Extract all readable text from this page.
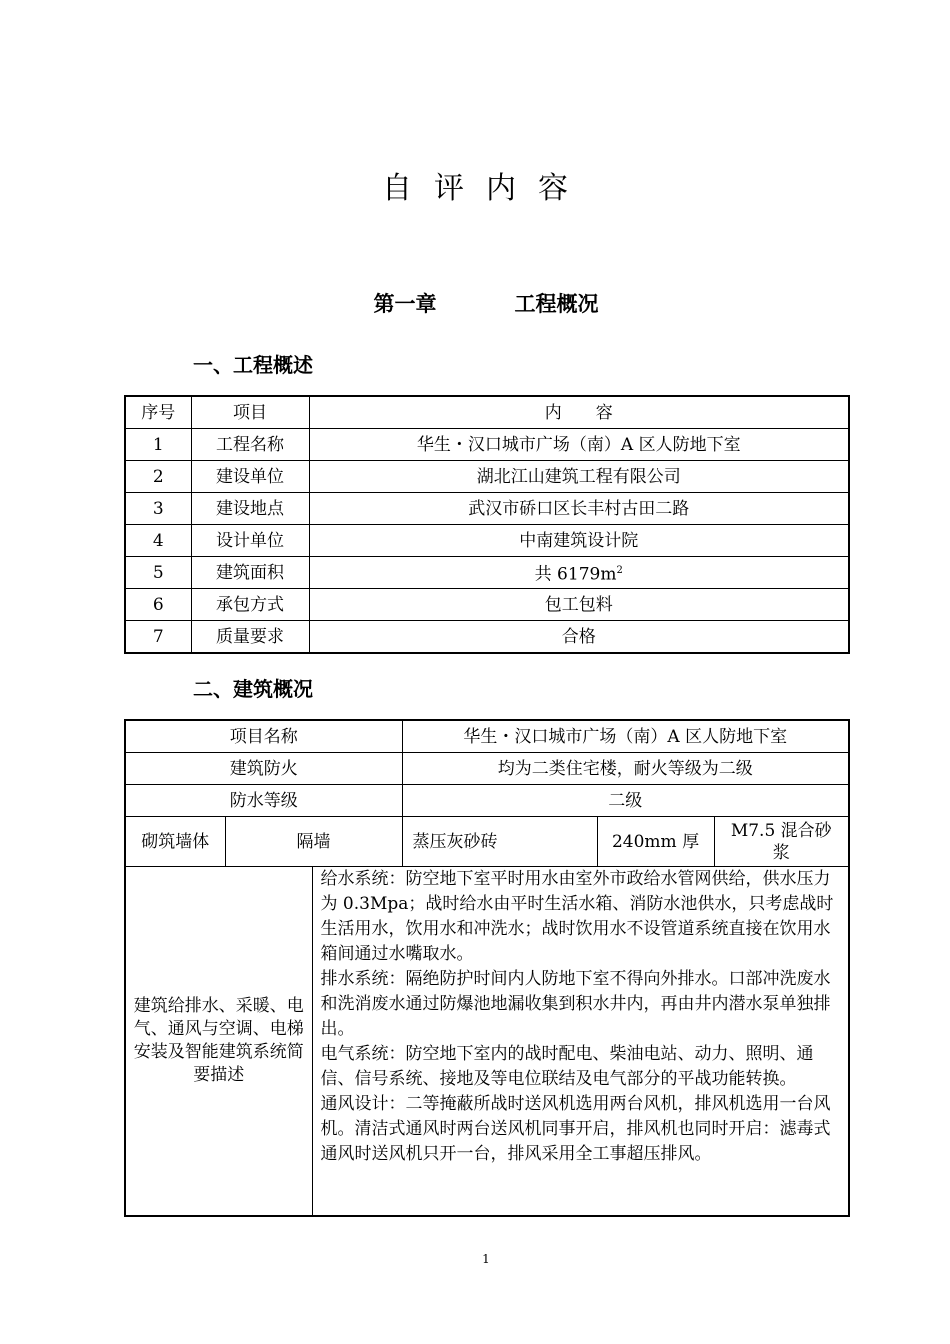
自评内容
第一章	工程概况
一、工程概述
序号	项目	内　　容
1	工程名称	华生・汉口城市广场（南）A 区人防地下室
2	建设单位	湖北江山建筑工程有限公司
3	建设地点	武汉市硚口区长丰村古田二路
4	设计单位	中南建筑设计院
5	建筑面积	共 $6179m^2$
6	承包方式	包工包料
7	质量要求	合格
二、建筑概况
项目名称			华生・汉口城市广场（南）A 区人防地下室		
建筑防火			均为二类住宅楼，耐火等级为二级		
防水等级			二级		
砌筑墙体	隔墙		蒸压灰砂砖	240mm 厚	M7.5 混合砂浆
建筑给排水、采暖、电气、通风与空调、电梯安装及智能建筑系统简要描述		给水系统：防空地下室平时用水由室外市政给水管网供给，供水压力为 0.3Mpa；战时给水由平时生活水箱、消防水池供水，只考虑战时生活用水，饮用水和冲洗水；战时饮用水不设管道系统直接在饮用水箱间通过水嘴取水。

排水系统：隔绝防护时间内人防地下室不得向外排水。口部冲洗废水和洗消废水通过防爆池地漏收集到积水井内，再由井内潜水泵单独排出。

电气系统：防空地下室内的战时配电、柴油电站、动力、照明、通信、信号系统、接地及等电位联结及电气部分的平战功能转换。

通风设计：二等掩蔽所战时送风机选用两台风机，排风机选用一台风机。清洁式通风时两台送风机同事开启，排风机也同时开启：滤毒式通风时送风机只开一台，排风采用全工事超压排风。			

1
